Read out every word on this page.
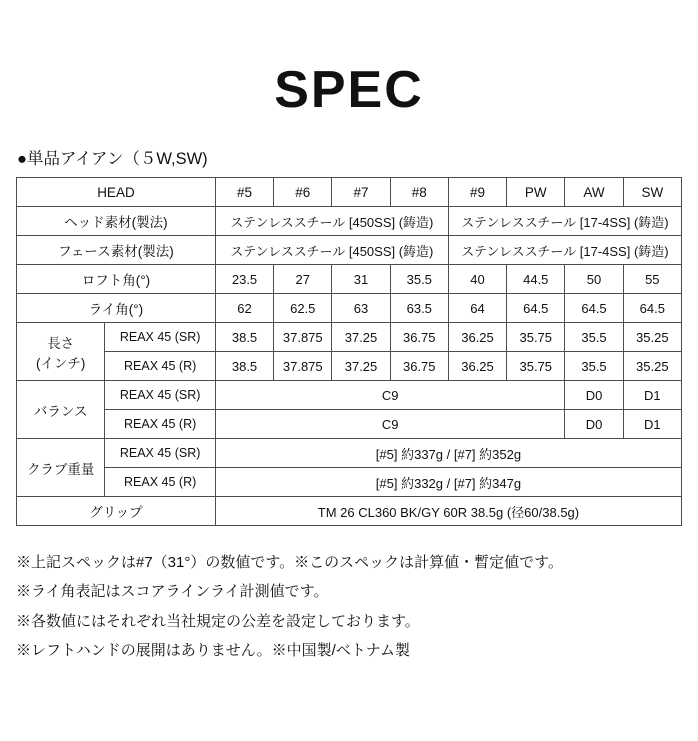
SPEC
●単品アイアン（５W,SW)
HEAD		#5	#6	#7	#8	#9	PW	AW	SW
ヘッド素材(製法)		ステンレススチール [450SS] (鋳造)				ステンレススチール [17-4SS] (鋳造)			
フェース素材(製法)		ステンレススチール [450SS] (鋳造)				ステンレススチール [17-4SS] (鋳造)			
ロフト角(°)		23.5	27	31	35.5	40	44.5	50	55
ライ角(°)		62	62.5	63	63.5	64	64.5	64.5	64.5

長さ
(インチ)	REAX 45 (SR)	38.5	37.875	37.25	36.75	36.25	35.75	35.5	35.25
	REAX 45 (R)	38.5	37.875	37.25	36.75	36.25	35.75	35.5	35.25

バランス	REAX 45 (SR)	C9						D0	D1
	REAX 45 (R)	C9						D0	D1

クラブ重量	REAX 45 (SR)	[#5] 約337g / [#7] 約352g							
	REAX 45 (R)	[#5] 約332g / [#7] 約347g							
グリップ		TM 26 CL360 BK/GY 60R 38.5g (径60/38.5g)							
※上記スペックは#7（31°）の数値です。※このスペックは計算値・暫定値です。
※ライ角表記はスコアラインライ計測値です。
※各数値にはそれぞれ当社規定の公差を設定しております。
※レフトハンドの展開はありません。※中国製/ベトナム製
